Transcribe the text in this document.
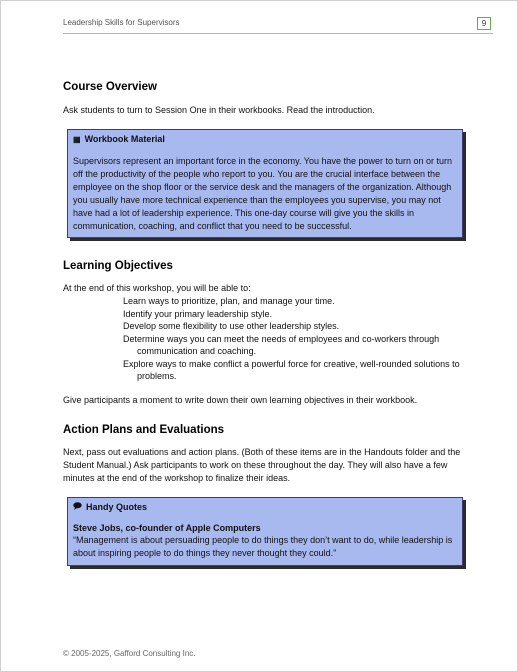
Leadership Skills for Supervisors	9
Course Overview

Ask students to turn to Session One in their workbooks. Read the introduction.

▦ Workbook Material
Supervisors represent an important force in the economy. You have the power to turn on or turn off the productivity of the people who report to you. You are the crucial interface between the employee on the shop floor or the service desk and the managers of the organization. Although you usually have more technical experience than the employees you supervise, you may not have had a lot of leadership experience. This one-day course will give you the skills in communication, coaching, and conflict that you need to be successful.
Learning Objectives

At the end of this workshop, you will be able to:

Learn ways to prioritize, plan, and manage your time.
Identify your primary leadership style.
Develop some flexibility to use other leadership styles.
Determine ways you can meet the needs of employees and co-workers through communication and coaching.
Explore ways to make conflict a powerful force for creative, well-rounded solutions to problems.

Give participants a moment to write down their own learning objectives in their workbook.

Action Plans and Evaluations

Next, pass out evaluations and action plans. (Both of these items are in the Handouts folder and the Student Manual.) Ask participants to work on these throughout the day. They will also have a few minutes at the end of the workshop to finalize their ideas.

Handy Quotes
Steve Jobs, co-founder of Apple Computers
“Management is about persuading people to do things they don’t want to do, while leadership is about inspiring people to do things they never thought they could.”
© 2005-2025, Gafford Consulting Inc.
